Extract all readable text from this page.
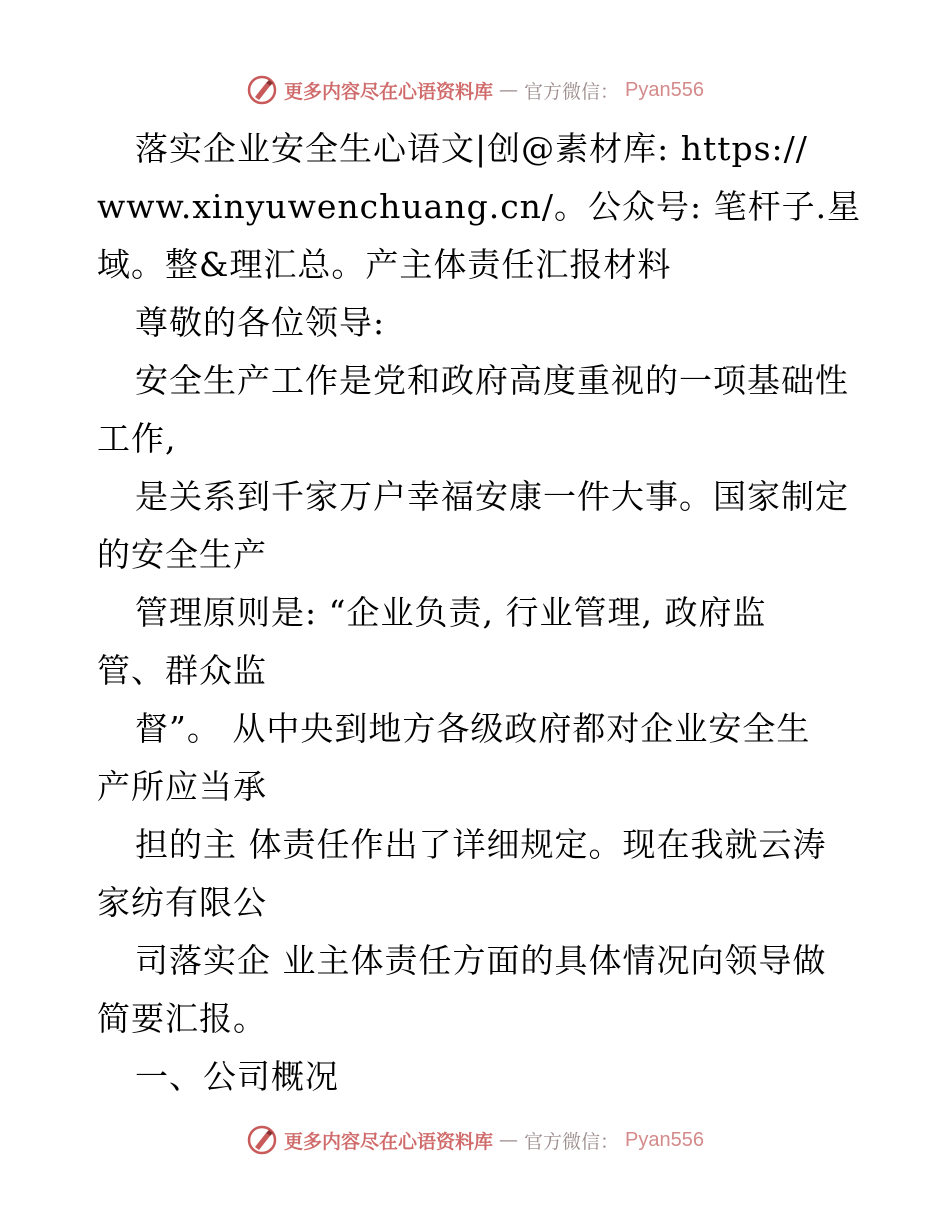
更多内容尽在心语资料库 — 官方微信： Pyan556
落实企业安全生心语文|创@素材库: https://
www.xinyuwenchuang.cn/。公众号: 笔杆子.星
域。整&理汇总。产主体责任汇报材料
尊敬的各位领导:
安全生产工作是党和政府高度重视的一项基础性
工作,
是关系到千家万户幸福安康一件大事。国家制定
的安全生产
管理原则是: “企业负责, 行业管理, 政府监
管、群众监
督”。 从中央到地方各级政府都对企业安全生
产所应当承
担的主 体责任作出了详细规定。现在我就云涛
家纺有限公
司落实企 业主体责任方面的具体情况向领导做
简要汇报。
一、公司概况
更多内容尽在心语资料库 — 官方微信： Pyan556
